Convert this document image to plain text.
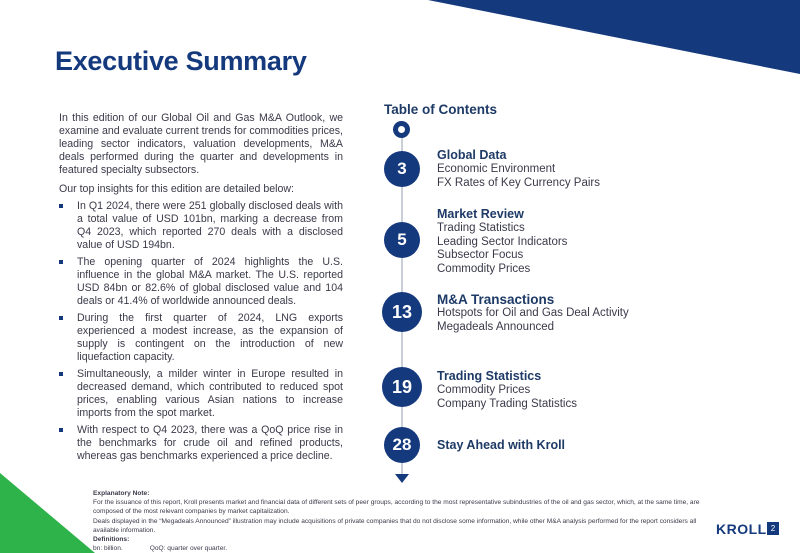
Executive Summary

In this edition of our Global Oil and Gas M&A Outlook, we examine and evaluate current trends for commodities prices, leading sector indicators, valuation developments, M&A deals performed during the quarter and developments in featured specialty subsectors.

Our top insights for this edition are detailed below:

In Q1 2024, there were 251 globally disclosed deals with a total value of USD 101bn, marking a decrease from Q4 2023, which reported 270 deals with a disclosed value of USD 194bn.
The opening quarter of 2024 highlights the U.S. influence in the global M&A market. The U.S. reported USD 84bn or 82.6% of global disclosed value and 104 deals or 41.4% of worldwide announced deals.
During the first quarter of 2024, LNG exports experienced a modest increase, as the expansion of supply is contingent on the introduction of new liquefaction capacity.
Simultaneously, a milder winter in Europe resulted in decreased demand, which contributed to reduced spot prices, enabling various Asian nations to increase imports from the spot market.
With respect to Q4 2023, there was a QoQ price rise in the benchmarks for crude oil and refined products, whereas gas benchmarks experienced a price decline.
Table of Contents
3
Global Data
Economic Environment
FX Rates of Key Currency Pairs
5
Market Review
Trading Statistics
Leading Sector Indicators
Subsector Focus
Commodity Prices
13
M&A Transactions
Hotspots for Oil and Gas Deal Activity
Megadeals Announced
19
Trading Statistics
Commodity Prices
Company Trading Statistics
28	Stay Ahead with Kroll
Explanatory Note:
For the issuance of this report, Kroll presents market and financial data of different sets of peer groups, according to the most representative subindustries of the oil and gas sector, which, at the same time, are composed of the most relevant companies by market capitalization.
Deals displayed in the “Megadeals Announced” illustration may include acquisitions of private companies that do not disclose some information, while other M&A analysis performed for the report considers all available information.
Definitions:
bn: billion.	QoQ: quarter over quarter.
KROLL 2
